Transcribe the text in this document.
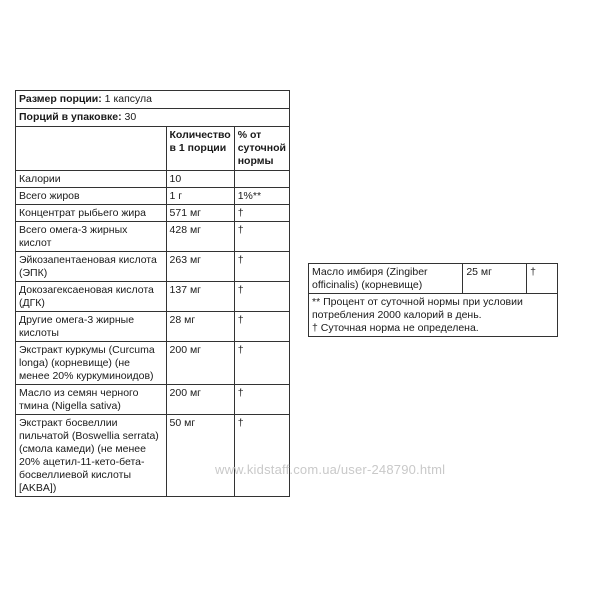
Размер порции: 1 капсула		
Порций в упаковке: 30		
	Количество в 1 порции	% от суточной нормы
Калории	10	
Всего жиров	1 г	1%**
Концентрат рыбьего жира	571 мг	†
Всего омега-3 жирных кислот	428 мг	†
Эйкозапентаеновая кислота (ЭПК)	263 мг	†
Докозагексаеновая кислота (ДГК)	137 мг	†
Другие омега-3 жирные кислоты	28 мг	†
Экстракт куркумы (Curcuma longa) (корневище) (не менее 20% куркуминоидов)	200 мг	†
Масло из семян черного тмина (Nigella sativa)	200 мг	†
Экстракт босвеллии пильчатой (Boswellia serrata) (смола камеди) (не менее 20% ацетил-11-кето-бета-босвеллиевой кислоты [AKBA])	50 мг	†
Масло имбиря (Zingiber officinalis) (корневище)	25 мг	†

** Процент от суточной нормы при условии потребления 2000 калорий в день.
† Суточная норма не определена.
www.kidstaff.com.ua/user-248790.html
